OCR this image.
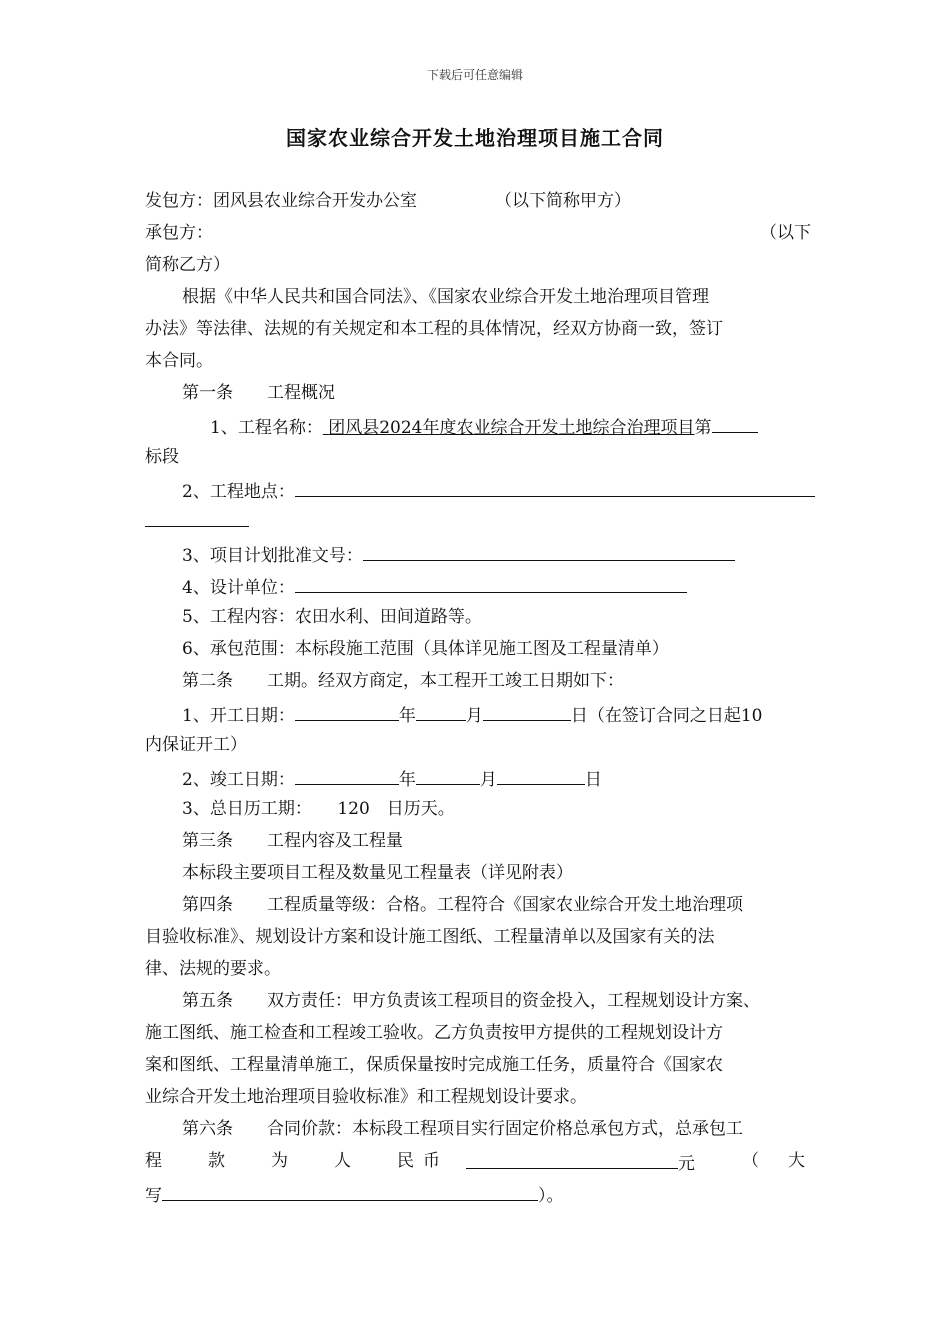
下载后可任意编辑
国家农业综合开发土地治理项目施工合同
发包方：团风县农业综合开发办公室	（以下简称甲方）
承包方：	（以下
简称乙方）
根据《中华人民共和国合同法》、《国家农业综合开发土地治理项目管理
办法》等法律、法规的有关规定和本工程的具体情况，经双方协商一致，签订
本合同。
第一条　　工程概况
1、工程名称： 团风县2024年度农业综合开发土地综合治理项目第
标段
2、工程地点：
3、项目计划批准文号：
4、设计单位：
5、工程内容：农田水利、田间道路等。
6、承包范围：本标段施工范围（具体详见施工图及工程量清单）
第二条　　工期。经双方商定，本工程开工竣工日期如下：
1、开工日期：	年	月	日（在签订合同之日起10
内保证开工）
2、竣工日期：	年	月	日
3、总日历工期：　　120　日历天。
第三条　　工程内容及工程量
本标段主要项目工程及数量见工程量表（详见附表）
第四条　　工程质量等级：合格。工程符合《国家农业综合开发土地治理项
目验收标准》、规划设计方案和设计施工图纸、工程量清单以及国家有关的法
律、法规的要求。
第五条　　双方责任：甲方负责该工程项目的资金投入，工程规划设计方案、
施工图纸、施工检查和工程竣工验收。乙方负责按甲方提供的工程规划设计方
案和图纸、工程量清单施工，保质保量按时完成施工任务，质量符合《国家农
业综合开发土地治理项目验收标准》和工程规划设计要求。
第六条　　合同价款：本标段工程项目实行固定价格总承包方式，总承包工
程	款	为	人	民 币	元	（ 大
写	）。
